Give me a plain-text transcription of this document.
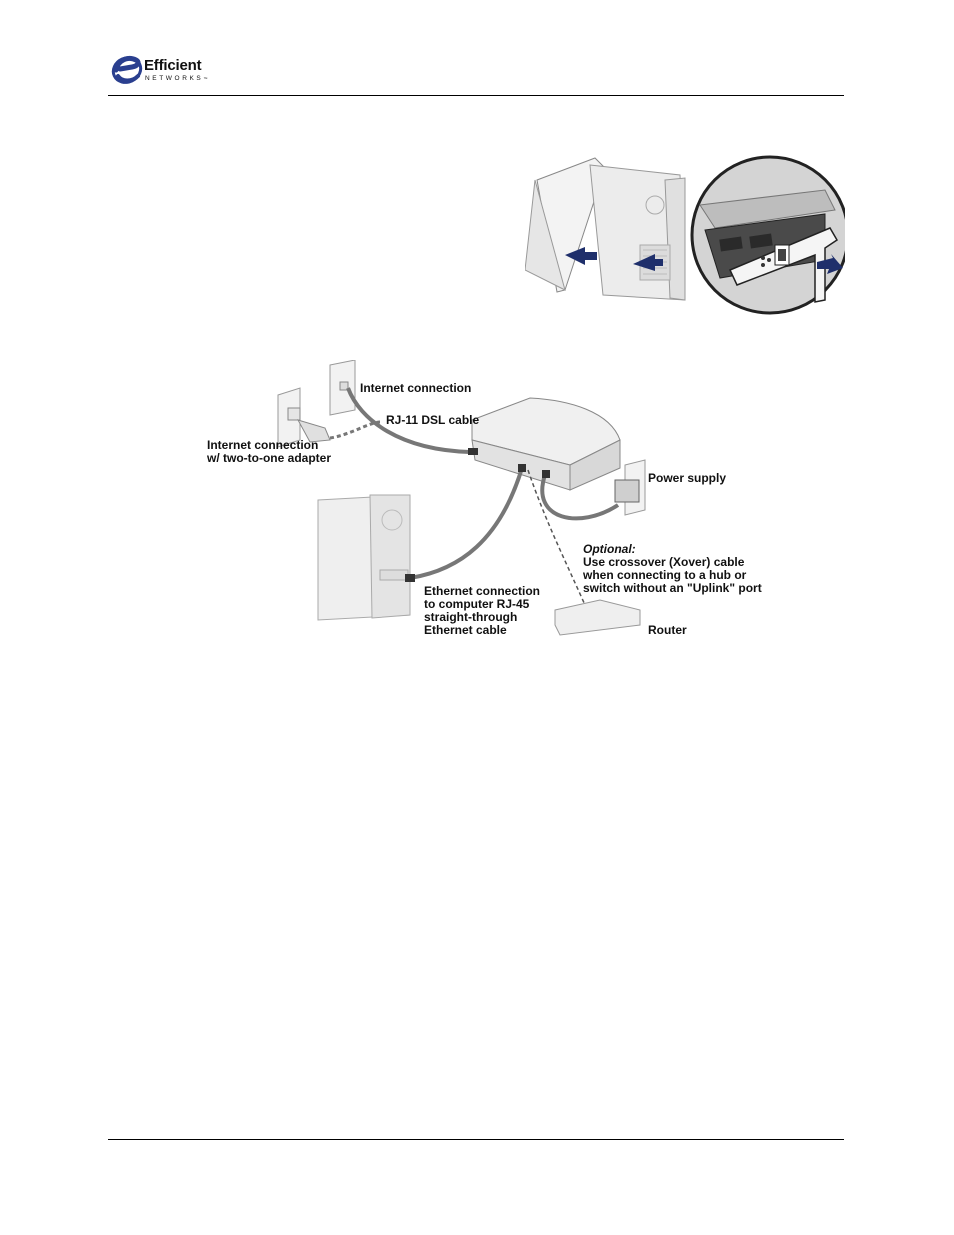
Efficient
NETWORKS™
Internet connection
RJ-11 DSL cable
Internet connection
w/ two-to-one adapter
Power supply
Optional:
Use crossover (Xover) cable
when connecting to a hub or
switch without an "Uplink" port
Ethernet connection
to computer RJ-45
straight-through
Ethernet cable	Router
